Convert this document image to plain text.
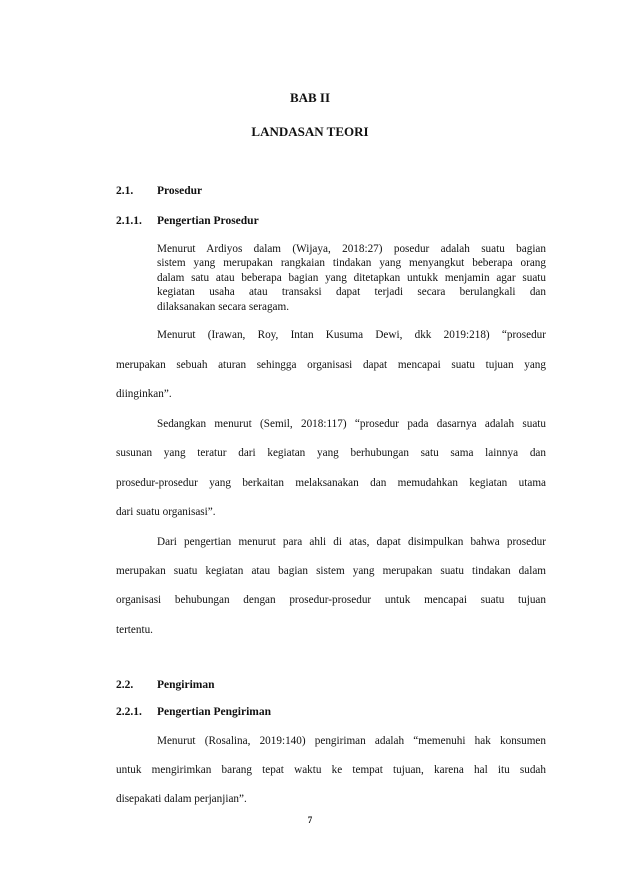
BAB II
LANDASAN TEORI
2.1. Prosedur
2.1.1. Pengertian Prosedur
Menurut Ardiyos dalam (Wijaya, 2018:27) posedur adalah suatu bagian
sistem yang merupakan rangkaian tindakan yang menyangkut beberapa orang
dalam satu atau beberapa bagian yang ditetapkan untukk menjamin agar suatu
kegiatan usaha atau transaksi dapat terjadi secara berulangkali dan
dilaksanakan secara seragam.
Menurut (Irawan, Roy, Intan Kusuma Dewi, dkk 2019:218) “prosedur
merupakan sebuah aturan sehingga organisasi dapat mencapai suatu tujuan yang
diinginkan”.
Sedangkan menurut (Semil, 2018:117) “prosedur pada dasarnya adalah suatu
susunan yang teratur dari kegiatan yang berhubungan satu sama lainnya dan
prosedur-prosedur yang berkaitan melaksanakan dan memudahkan kegiatan utama
dari suatu organisasi”.
Dari pengertian menurut para ahli di atas, dapat disimpulkan bahwa prosedur
merupakan suatu kegiatan atau bagian sistem yang merupakan suatu tindakan dalam
organisasi behubungan dengan prosedur-prosedur untuk mencapai suatu tujuan
tertentu.
2.2. Pengiriman
2.2.1. Pengertian Pengiriman
Menurut (Rosalina, 2019:140) pengiriman adalah “memenuhi hak konsumen
untuk mengirimkan barang tepat waktu ke tempat tujuan, karena hal itu sudah
disepakati dalam perjanjian”.
7
